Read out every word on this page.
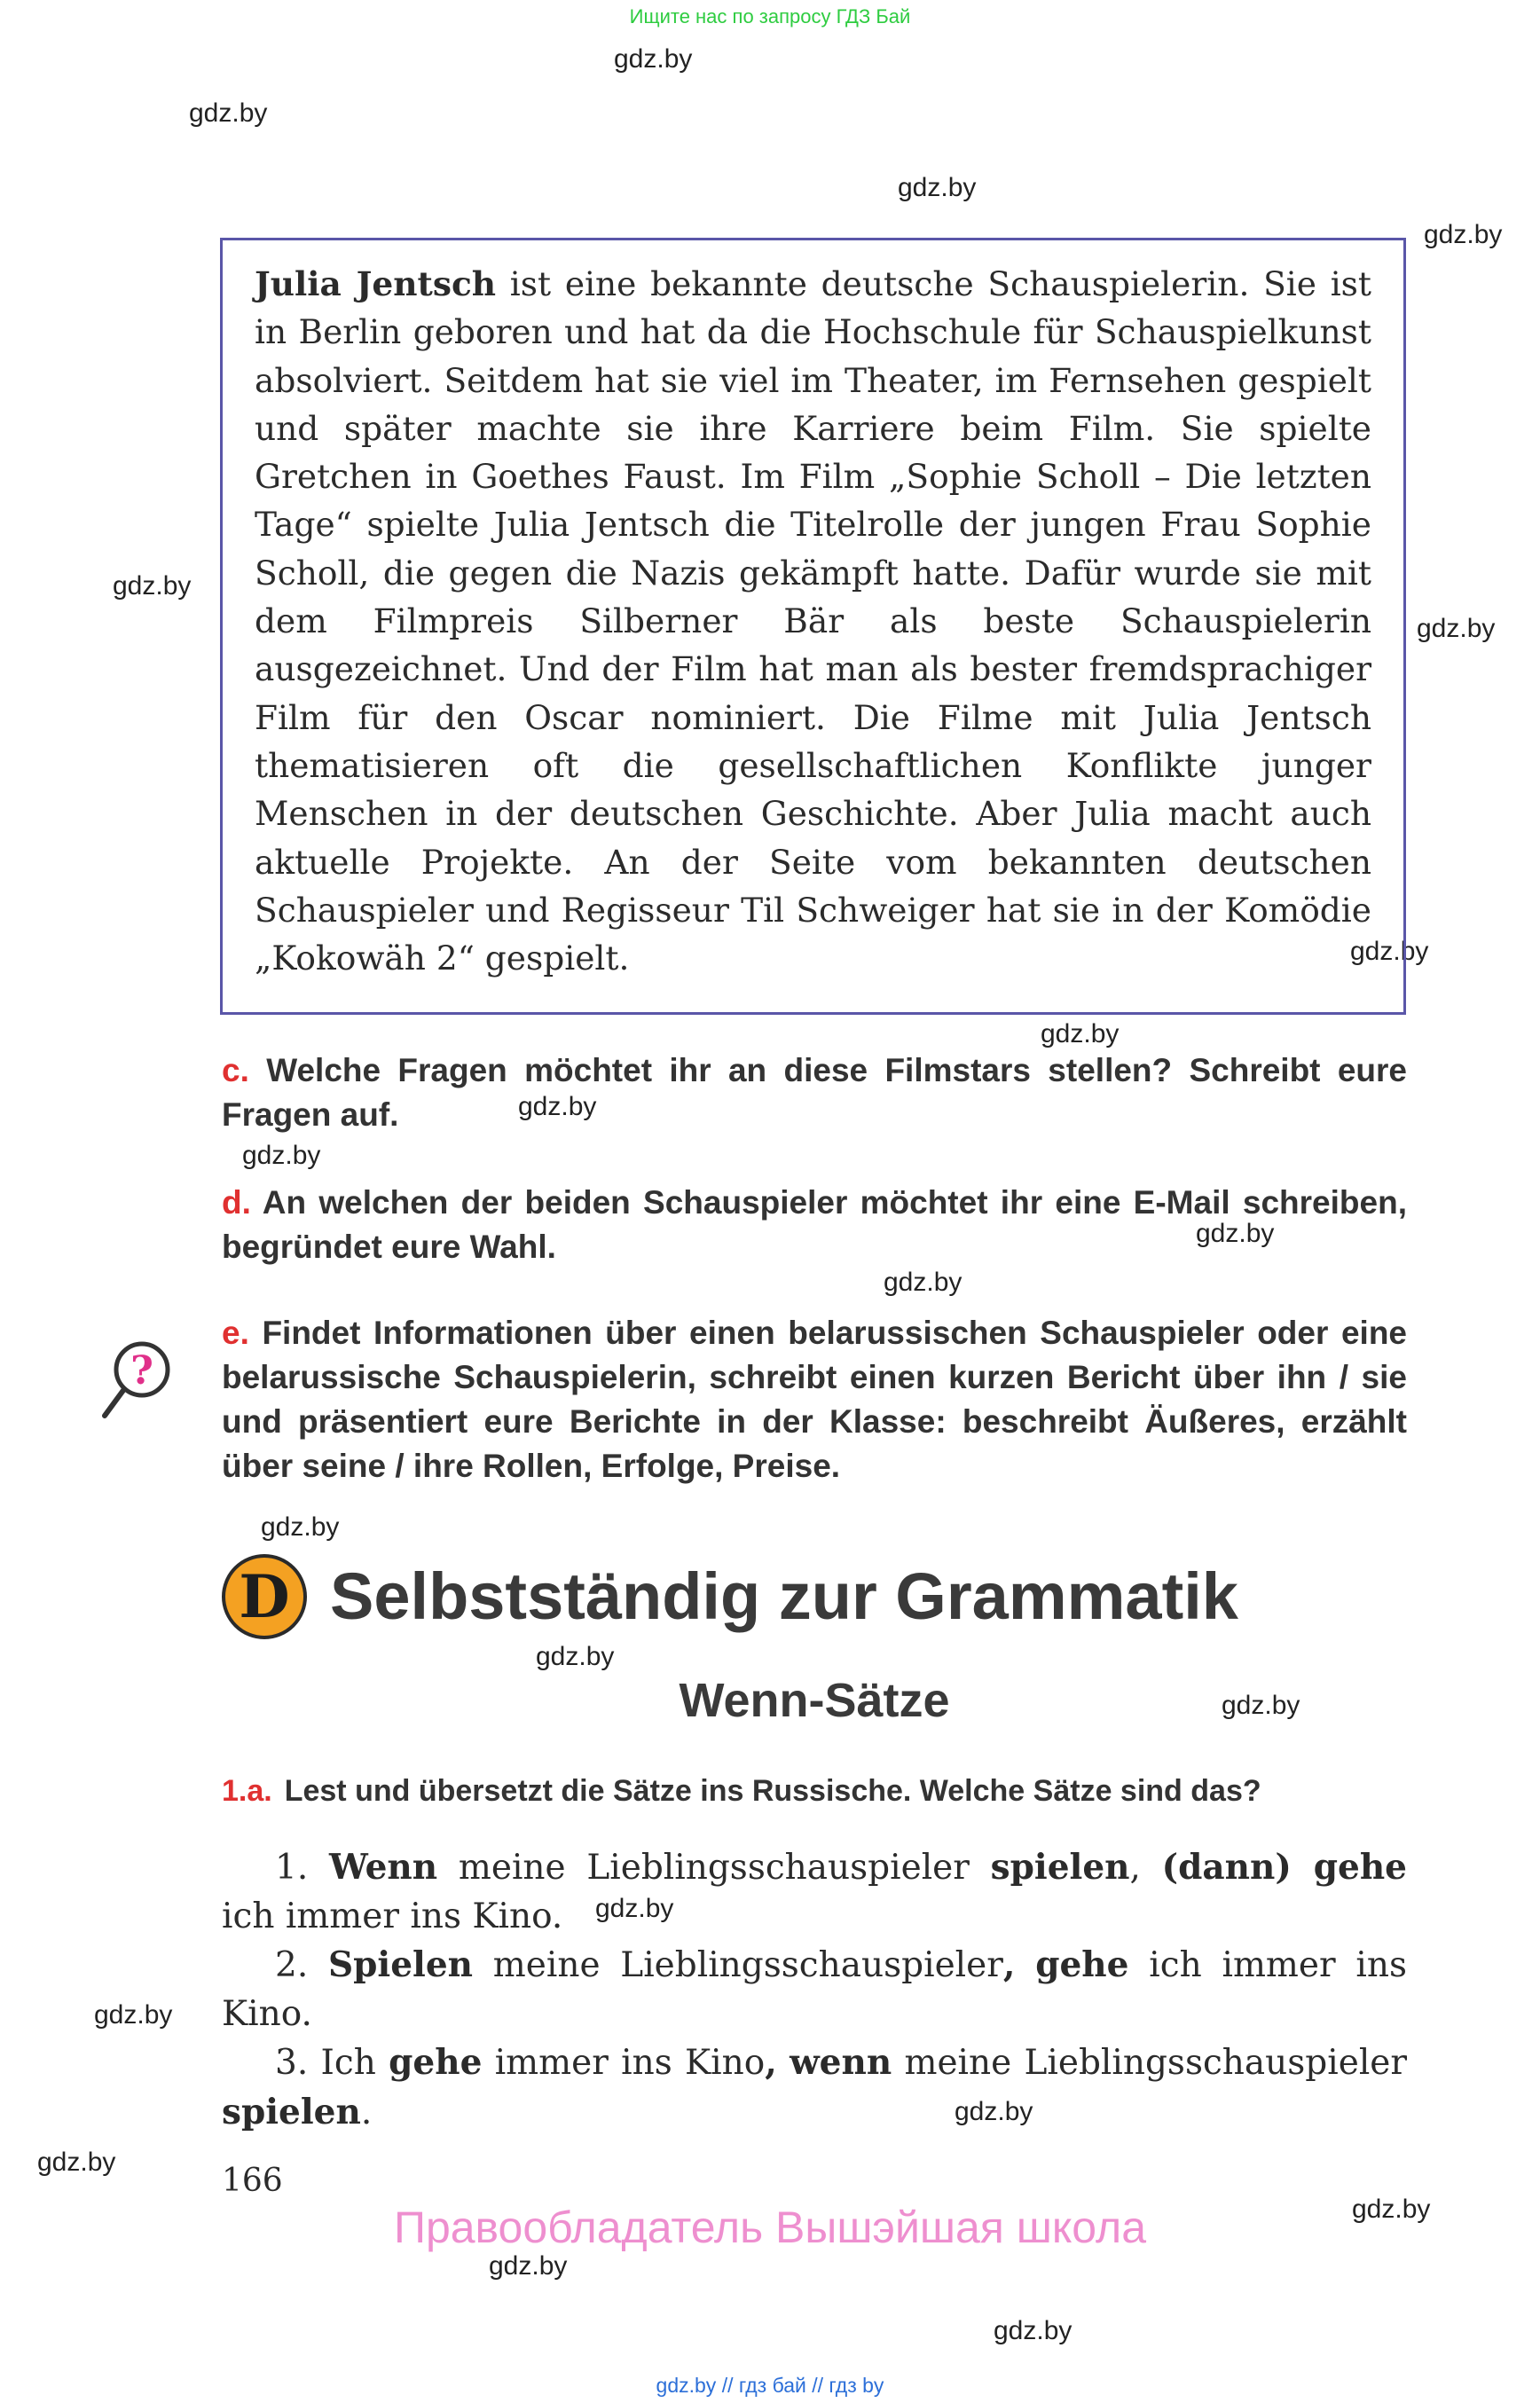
Ищите нас по запросу ГДЗ Бай
gdz.by
gdz.by
gdz.by
gdz.by
gdz.by
gdz.by
gdz.by
gdz.by
gdz.by
gdz.by
gdz.by
gdz.by
gdz.by
gdz.by
gdz.by
gdz.by
gdz.by
gdz.by
gdz.by
gdz.by
gdz.by
gdz.by

Julia Jentsch ist eine bekannte deutsche Schauspielerin. Sie ist in Berlin geboren und hat da die Hochschule für Schauspielkunst absolviert. Seitdem hat sie viel im Theater, im Fernsehen gespielt und später machte sie ihre Karriere beim Film. Sie spielte Gretchen in Goethes Faust. Im Film „Sophie Scholl – Die letzten Tage“ spielte Julia Jentsch die Titelrolle der jungen Frau Sophie Scholl, die gegen die Nazis gekämpft hatte. Dafür wurde sie mit dem Filmpreis Silberner Bär als beste Schauspielerin ausgezeichnet. Und der Film hat man als bester fremdsprachiger Film für den Oscar nominiert. Die Filme mit Julia Jentsch thematisieren oft die gesellschaftlichen Konflikte junger Menschen in der deutschen Geschichte. Aber Julia macht auch aktuelle Projekte. An der Seite vom bekannten deutschen Schauspieler und Regisseur Til Schweiger hat sie in der Komödie „Kokowäh 2“ gespielt.

c. Welche Fragen möchtet ihr an diese Filmstars stellen? Schreibt eure Fragen auf.

d. An welchen der beiden Schauspieler möchtet ihr eine E-Mail schreiben, begründet eure Wahl.

?

e. Findet Informationen über einen belarussischen Schauspieler oder eine belarussische Schauspielerin, schreibt einen kurzen Bericht über ihn / sie und präsentiert eure Berichte in der Klasse: beschreibt Äußeres, erzählt über seine / ihre Rollen, Erfolge, Preise.

D Selbstständig zur Grammatik
Wenn-Sätze
1.a. Lest und übersetzt die Sätze ins Russische. Welche Sätze sind das?

1. Wenn meine Lieblingsschauspieler spielen, (dann) gehe ich immer ins Kino.

2. Spielen meine Lieblingsschauspieler, gehe ich immer ins Kino.

3. Ich gehe immer ins Kino, wenn meine Lieblingsschauspieler spielen.

166
Правообладатель Вышэйшая школа
gdz.by // гдз бай // гдз by
